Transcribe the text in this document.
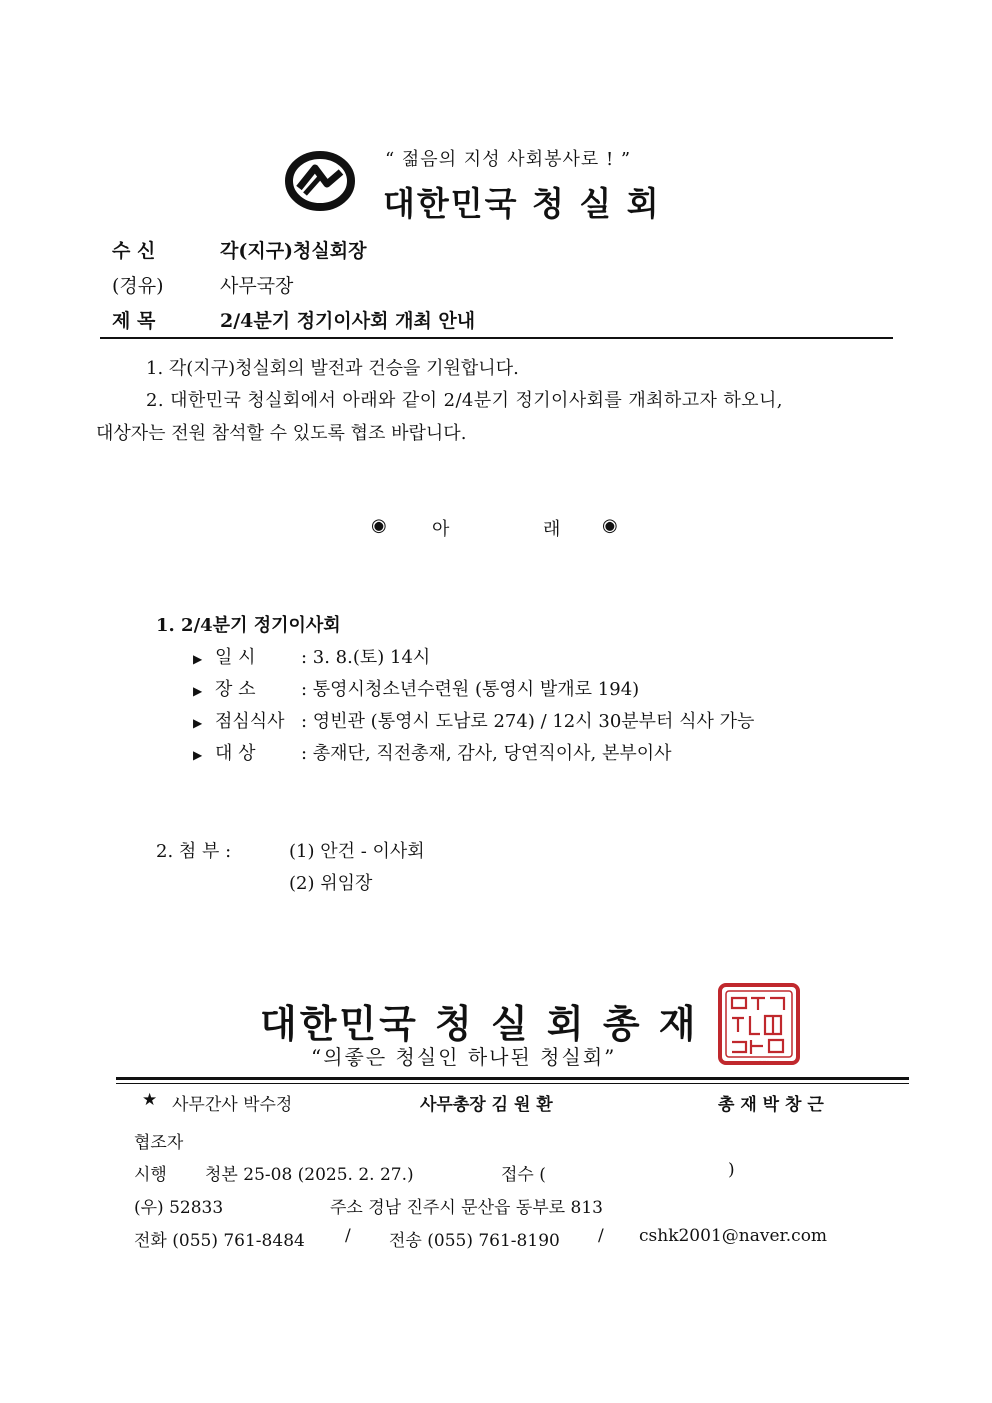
“ 젊음의 지성 사회봉사로 ! ”
대한민국 청 실 회
수 신	각(지구)청실회장
(경유)	사무국장
제 목	2/4분기 정기이사회 개최 안내
1. 각(지구)청실회의 발전과 건승을 기원합니다.
2. 대한민국 청실회에서 아래와 같이 2/4분기 정기이사회를 개최하고자 하오니,
대상자는 전원 참석할 수 있도록 협조 바랍니다.
◉	아	래 ◉
1. 2/4분기 정기이사회
▶ 일 시	: 3. 8.(토) 14시
▶ 장 소	: 통영시청소년수련원 (통영시 발개로 194)
▶ 점심식사 : 영빈관 (통영시 도남로 274) / 12시 30분부터 식사 가능
▶ 대 상	: 총재단, 직전총재, 감사, 당연직이사, 본부이사
2. 첨 부 :	(1) 안건 - 이사회
(2) 위임장
대한민국청실회총재인
대한민국 청 실 회 총 재
“의좋은 청실인 하나된 청실회”
★ 사무간사 박수정	사무총장 김 원 환	총 재 박 창 근
협조자
시행 청본 25-08 (2025. 2. 27.)	접수 (	)
(우) 52833	주소 경남 진주시 문산읍 동부로 813
전화 (055) 761-8484 / 전송 (055) 761-8190 / cshk2001@naver.com
